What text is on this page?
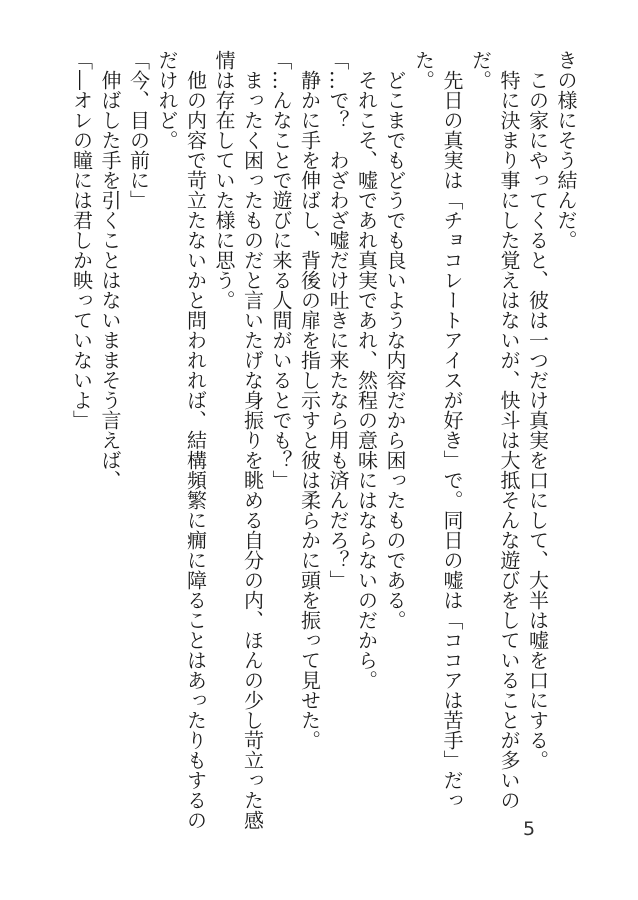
きの様にそう結んだ。

この家にやってくると、彼は一つだけ真実を口にして、大半は嘘を口にする。

特に決まり事にした覚えはないが、快斗は大抵そんな遊びをしていることが多いの

だ。

先日の真実は「チョコレートアイスが好き」で。同日の嘘は「ココアは苦手」だっ

た。

どこまでもどうでも良いような内容だから困ったものである。

それこそ、嘘であれ真実であれ、然程の意味にはならないのだから。

「…で？　わざわざ嘘だけ吐きに来たなら用も済んだろ？」

静かに手を伸ばし、背後の扉を指し示すと彼は柔らかに頭を振って見せた。

「…んなことで遊びに来る人間がいるとでも？」

まったく困ったものだと言いたげな身振りを眺める自分の内、ほんの少し苛立った感

情は存在していた様に思う。

他の内容で苛立たないかと問われれば、結構頻繁に癇に障ることはあったりもするの

だけれど。

「今、目の前に」

伸ばした手を引くことはないままそう言えば、

「―オレの瞳には君しか映っていないよ」

5
